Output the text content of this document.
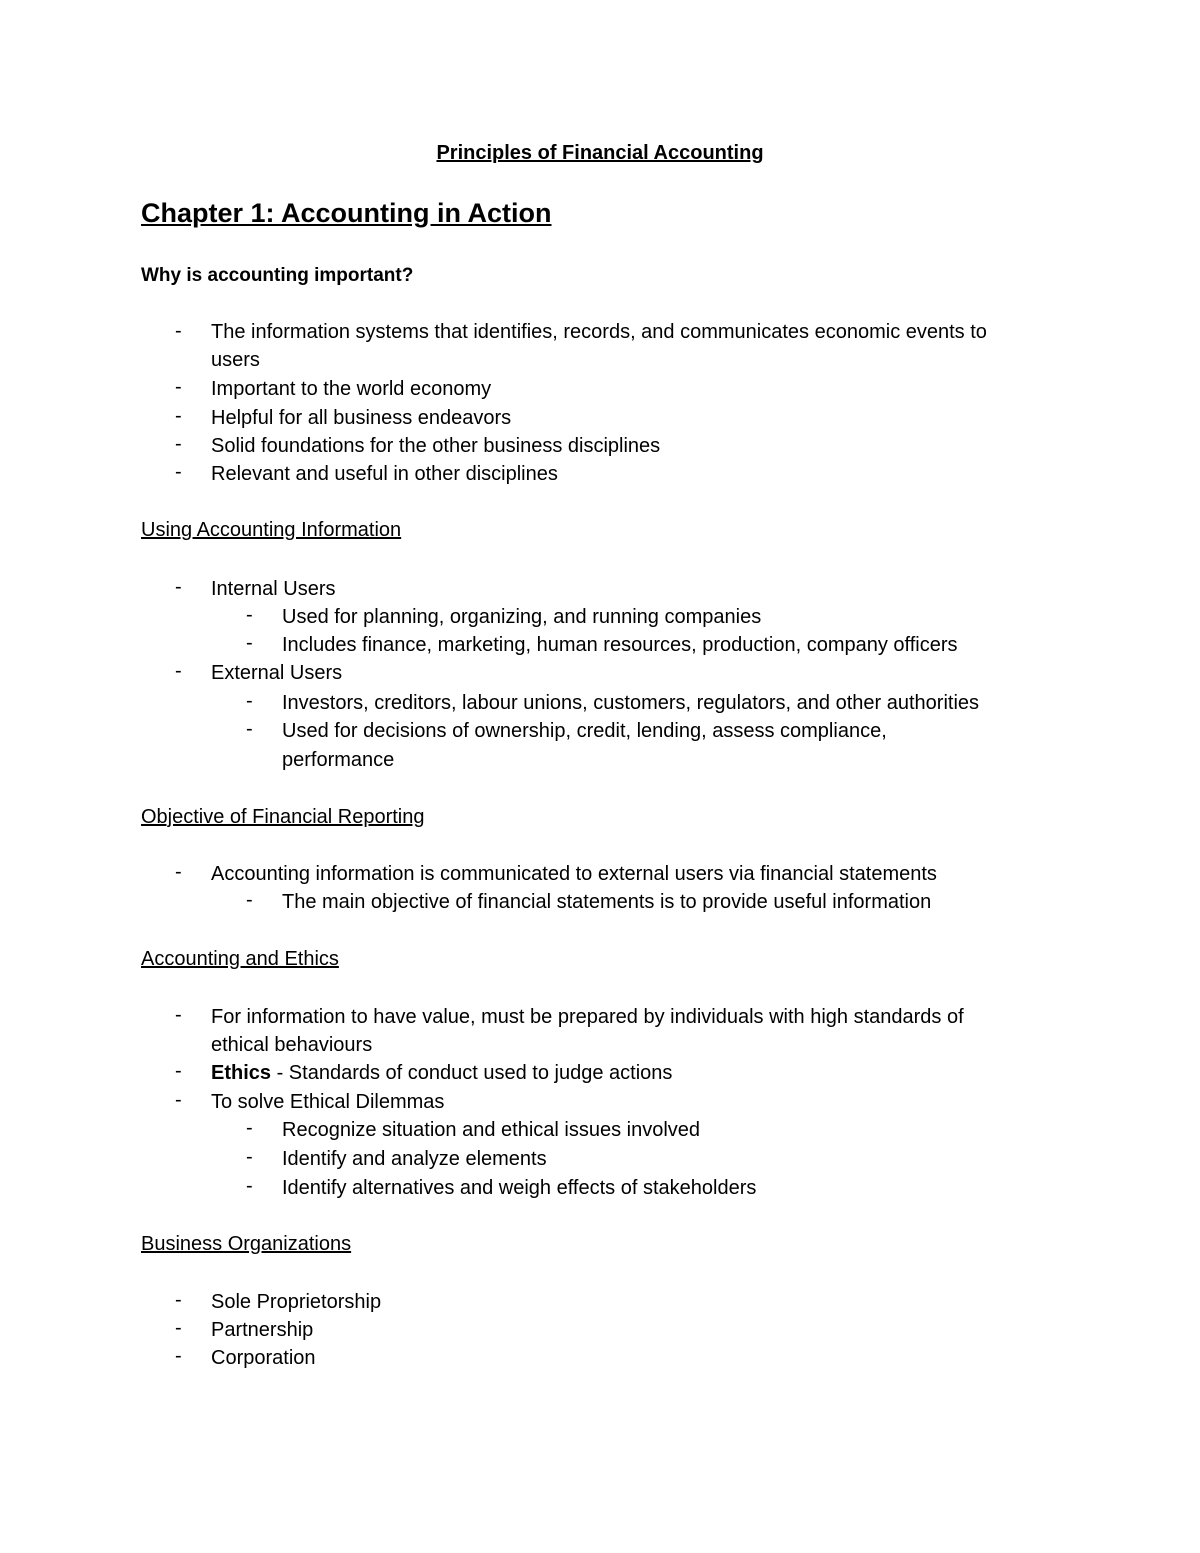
Principles of Financial Accounting
Chapter 1: Accounting in Action
Why is accounting important?
- The information systems that identifies, records, and communicates economic events to
users
- Important to the world economy
- Helpful for all business endeavors
- Solid foundations for the other business disciplines
- Relevant and useful in other disciplines
Using Accounting Information
- Internal Users
- Used for planning, organizing, and running companies
- Includes finance, marketing, human resources, production, company officers
- External Users
- Investors, creditors, labour unions, customers, regulators, and other authorities
- Used for decisions of ownership, credit, lending, assess compliance,
performance
Objective of Financial Reporting
- Accounting information is communicated to external users via financial statements
- The main objective of financial statements is to provide useful information
Accounting and Ethics
- For information to have value, must be prepared by individuals with high standards of
ethical behaviours
- Ethics - Standards of conduct used to judge actions
- To solve Ethical Dilemmas
- Recognize situation and ethical issues involved
- Identify and analyze elements
- Identify alternatives and weigh effects of stakeholders
Business Organizations
- Sole Proprietorship
- Partnership
- Corporation
